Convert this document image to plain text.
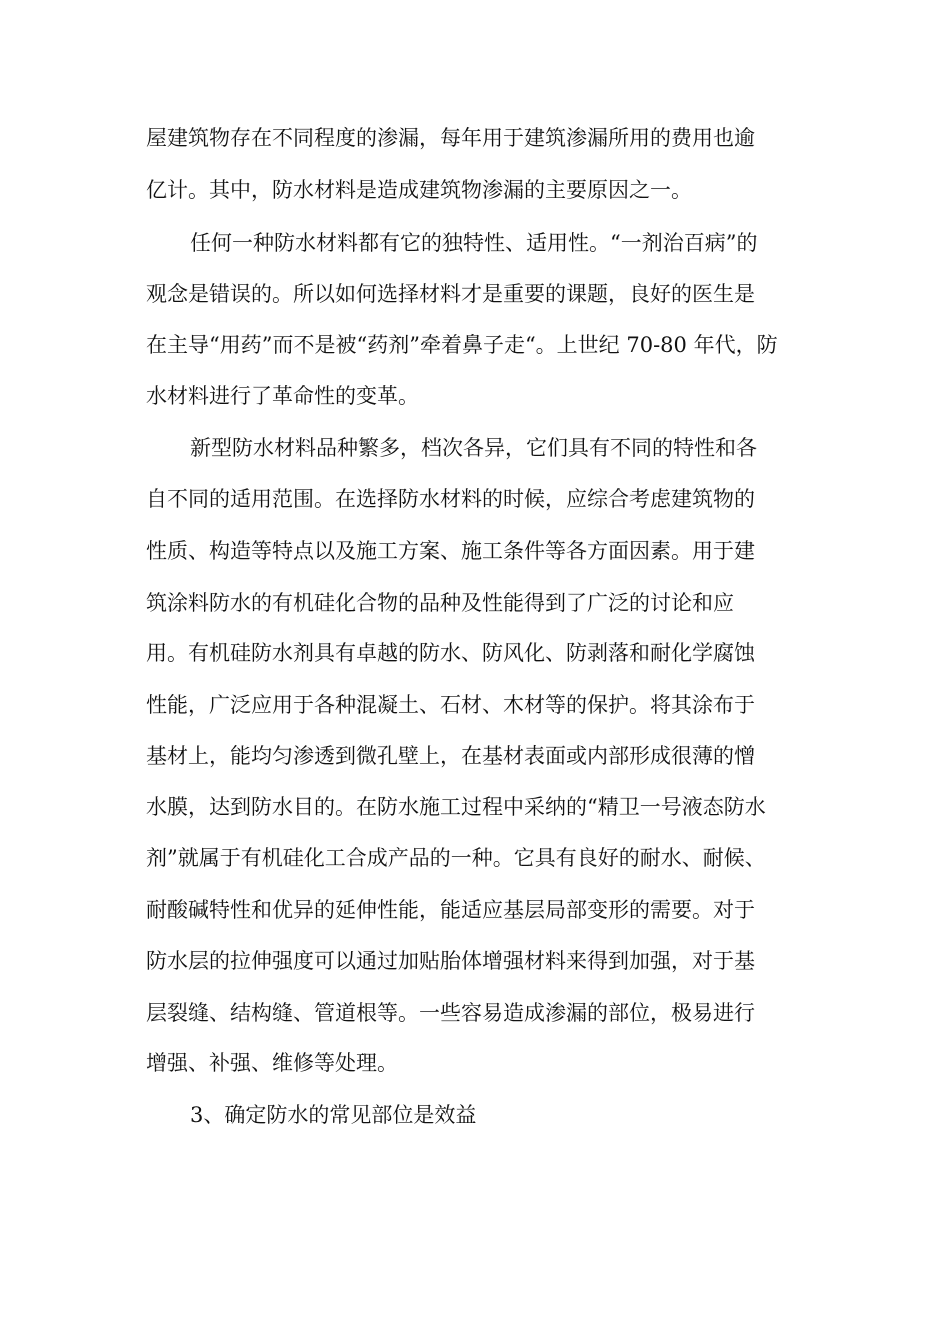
屋建筑物存在不同程度的渗漏，每年用于建筑渗漏所用的费用也逾
亿计。其中，防水材料是造成建筑物渗漏的主要原因之一。
任何一种防水材料都有它的独特性、适用性。“一剂治百病”的
观念是错误的。所以如何选择材料才是重要的课题，良好的医生是
在主导“用药”而不是被“药剂”牵着鼻子走“。上世纪 70-80 年代，防
水材料进行了革命性的变革。
新型防水材料品种繁多，档次各异，它们具有不同的特性和各
自不同的适用范围。在选择防水材料的时候，应综合考虑建筑物的
性质、构造等特点以及施工方案、施工条件等各方面因素。用于建
筑涂料防水的有机硅化合物的品种及性能得到了广泛的讨论和应
用。有机硅防水剂具有卓越的防水、防风化、防剥落和耐化学腐蚀
性能，广泛应用于各种混凝土、石材、木材等的保护。将其涂布于
基材上，能均匀渗透到微孔壁上，在基材表面或内部形成很薄的憎
水膜，达到防水目的。在防水施工过程中采纳的“精卫一号液态防水
剂”就属于有机硅化工合成产品的一种。它具有良好的耐水、耐候、
耐酸碱特性和优异的延伸性能，能适应基层局部变形的需要。对于
防水层的拉伸强度可以通过加贴胎体增强材料来得到加强，对于基
层裂缝、结构缝、管道根等。一些容易造成渗漏的部位，极易进行
增强、补强、维修等处理。
3、确定防水的常见部位是效益
